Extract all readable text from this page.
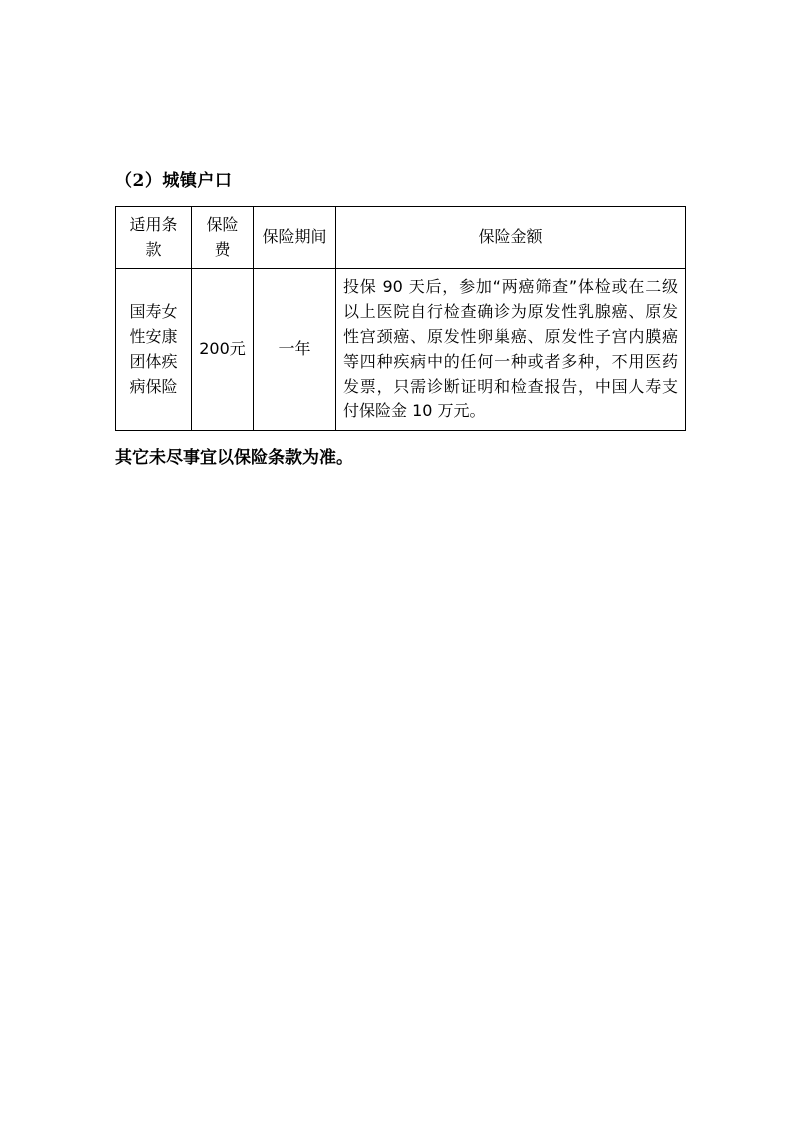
（2）城镇户口
适用条款	保险费	保险期间	保险金额
国寿女性安康团体疾病保险	200元	一年	投保 90 天后，参加“两癌筛查”体检或在二级以上医院自行检查确诊为原发性乳腺癌、原发性宫颈癌、原发性卵巢癌、原发性子宫内膜癌等四种疾病中的任何一种或者多种，不用医药发票，只需诊断证明和检查报告，中国人寿支付保险金 10 万元。
其它未尽事宜以保险条款为准。
